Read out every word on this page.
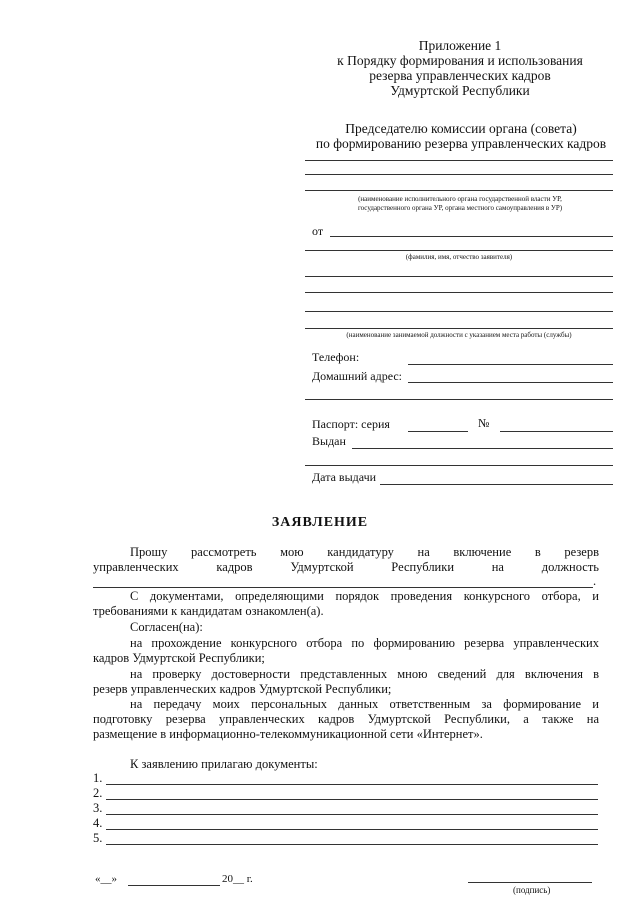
Приложение 1
к Порядку формирования и использования
резерва управленческих кадров
Удмуртской Республики
Председателю комиссии органа (совета)
по формированию резерва управленческих кадров
(наименование исполнительного органа государственной власти УР,
государственного органа УР, органа местного самоуправления в УР)
от
(фамилия, имя, отчество заявителя)
(наименование занимаемой должности с указанием места работы (службы)
Телефон:
Домашний адрес:
Паспорт: серия	№
Выдан
Дата выдачи
ЗАЯВЛЕНИЕ
Прошу рассмотреть мою кандидатуру на включение в резерв
управленческих кадров Удмуртской Республики на должность
.
С документами, определяющими порядок проведения конкурсного отбора, и
требованиями к кандидатам ознакомлен(а).
Согласен(на):
на прохождение конкурсного отбора по формированию резерва управленческих
кадров Удмуртской Республики;
на проверку достоверности представленных мною сведений для включения в
резерв управленческих кадров Удмуртской Республики;
на передачу моих персональных данных ответственным за формирование и
подготовку резерва управленческих кадров Удмуртской Республики, а также на
размещение в информационно-телекоммуникационной сети «Интернет».
К заявлению прилагаю документы:
1.
2.
3.
4.
5.
«__»	20__ г.
(подпись)
